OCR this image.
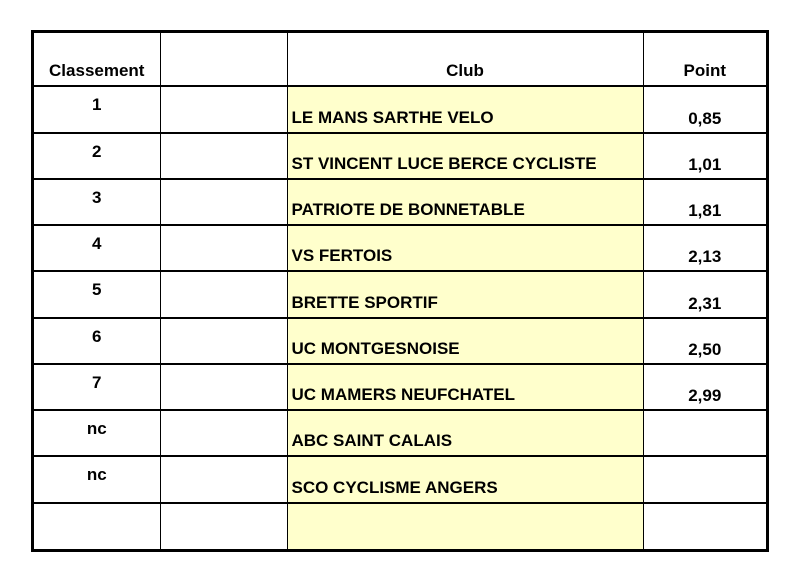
Classement		Club	Point
1		LE MANS SARTHE VELO	0,85
2		ST VINCENT LUCE BERCE CYCLISTE	1,01
3		PATRIOTE DE BONNETABLE	1,81
4		VS FERTOIS	2,13
5		BRETTE SPORTIF	2,31
6		UC MONTGESNOISE	2,50
7		UC MAMERS NEUFCHATEL	2,99
nc		ABC SAINT CALAIS	
nc		SCO CYCLISME ANGERS	
